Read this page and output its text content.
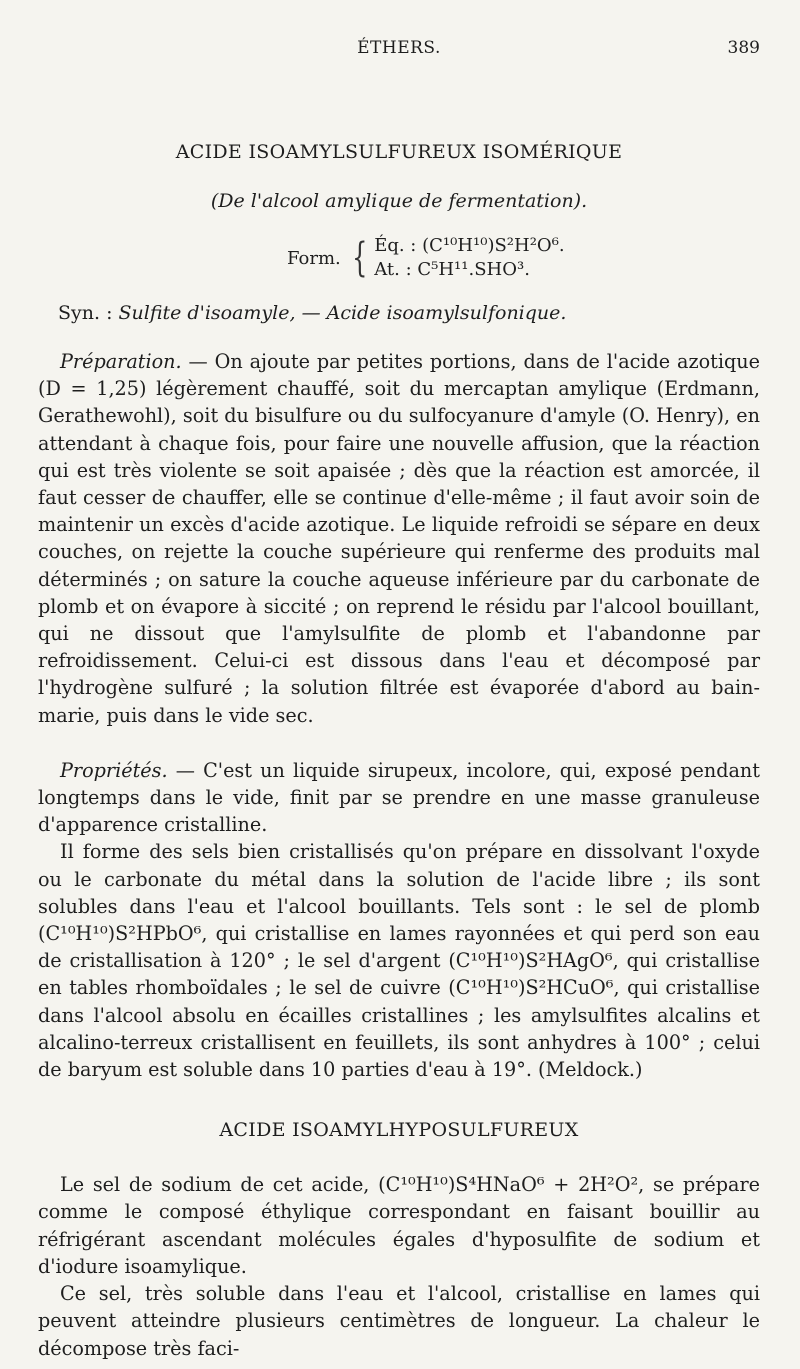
ÉTHERS.	389
ACIDE ISOAMYLSULFUREUX ISOMÉRIQUE
(De l'alcool amylique de fermentation).
Form. { Éq. : (C¹⁰H¹⁰)S²H²O⁶.
At. : C⁵H¹¹.SHO³.
Syn. : Sulfite d'isoamyle, — Acide isoamylsulfonique.

Préparation. — On ajoute par petites portions, dans de l'acide azotique (D = 1,25) légèrement chauffé, soit du mercaptan amylique (Erdmann, Gerathewohl), soit du bisulfure ou du sulfocyanure d'amyle (O. Henry), en attendant à chaque fois, pour faire une nouvelle affusion, que la réaction qui est très violente se soit apaisée ; dès que la réaction est amorcée, il faut cesser de chauffer, elle se continue d'elle-même ; il faut avoir soin de maintenir un excès d'acide azotique. Le liquide refroidi se sépare en deux couches, on rejette la couche supérieure qui renferme des produits mal déterminés ; on sature la couche aqueuse inférieure par du carbonate de plomb et on évapore à siccité ; on reprend le résidu par l'alcool bouillant, qui ne dissout que l'amylsulfite de plomb et l'abandonne par refroidissement. Celui-ci est dissous dans l'eau et décomposé par l'hydrogène sulfuré ; la solution filtrée est évaporée d'abord au bain-marie, puis dans le vide sec.

Propriétés. — C'est un liquide sirupeux, incolore, qui, exposé pendant longtemps dans le vide, finit par se prendre en une masse granuleuse d'apparence cristalline.

Il forme des sels bien cristallisés qu'on prépare en dissolvant l'oxyde ou le carbonate du métal dans la solution de l'acide libre ; ils sont solubles dans l'eau et l'alcool bouillants. Tels sont : le sel de plomb (C¹⁰H¹⁰)S²HPbO⁶, qui cristallise en lames rayonnées et qui perd son eau de cristallisation à 120° ; le sel d'argent (C¹⁰H¹⁰)S²HAgO⁶, qui cristallise en tables rhomboïdales ; le sel de cuivre (C¹⁰H¹⁰)S²HCuO⁶, qui cristallise dans l'alcool absolu en écailles cristallines ; les amylsulfites alcalins et alcalino-terreux cristallisent en feuillets, ils sont anhydres à 100° ; celui de baryum est soluble dans 10 parties d'eau à 19°. (Meldock.)

ACIDE ISOAMYLHYPOSULFUREUX

Le sel de sodium de cet acide, (C¹⁰H¹⁰)S⁴HNaO⁶ + 2H²O², se prépare comme le composé éthylique correspondant en faisant bouillir au réfrigérant ascendant molécules égales d'hyposulfite de sodium et d'iodure isoamylique.

Ce sel, très soluble dans l'eau et l'alcool, cristallise en lames qui peuvent atteindre plusieurs centimètres de longueur. La chaleur le décompose très faci-
